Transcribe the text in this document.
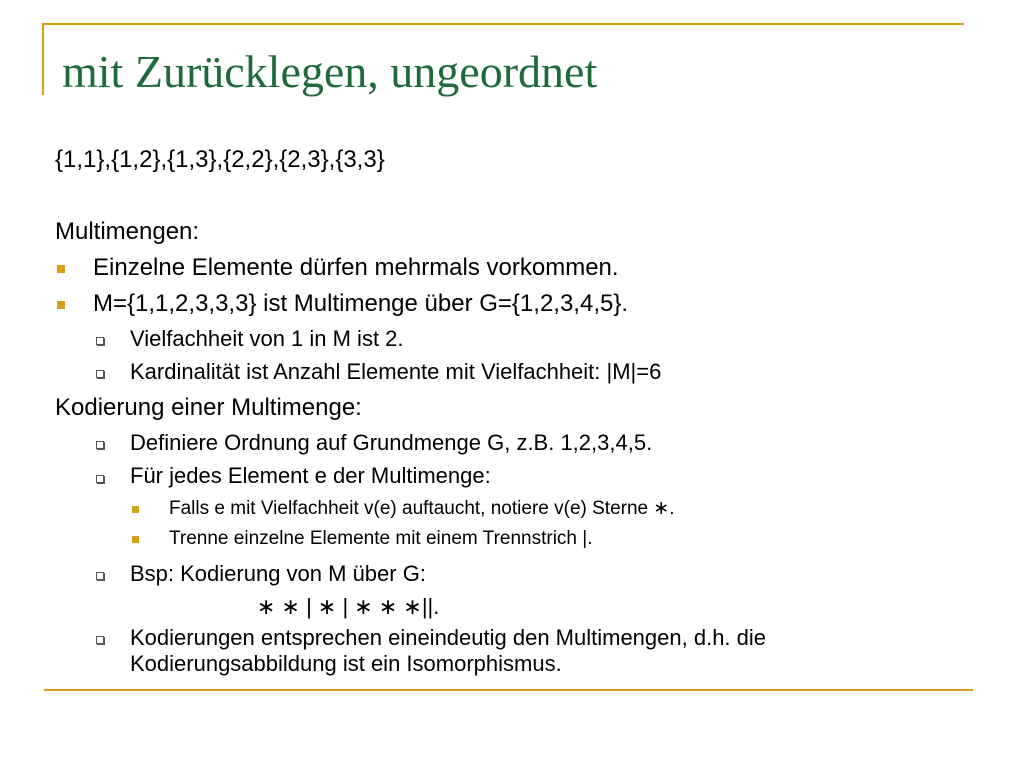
mit Zurücklegen, ungeordnet
{1,1},{1,2},{1,3},{2,2},{2,3},{3,3}
Multimengen:
Einzelne Elemente dürfen mehrmals vorkommen.
M={1,1,2,3,3,3} ist Multimenge über G={1,2,3,4,5}.
Vielfachheit von 1 in M ist 2.
Kardinalität ist Anzahl Elemente mit Vielfachheit: |M|=6
Kodierung einer Multimenge:
Definiere Ordnung auf Grundmenge G, z.B. 1,2,3,4,5.
Für jedes Element e der Multimenge:
Falls e mit Vielfachheit v(e) auftaucht, notiere v(e) Sterne ∗.
Trenne einzelne Elemente mit einem Trennstrich |.
Bsp: Kodierung von M über G:
∗ ∗ | ∗ | ∗ ∗ ∗||.
Kodierungen entsprechen eineindeutig den Multimengen, d.h. die
Kodierungsabbildung ist ein Isomorphismus.
